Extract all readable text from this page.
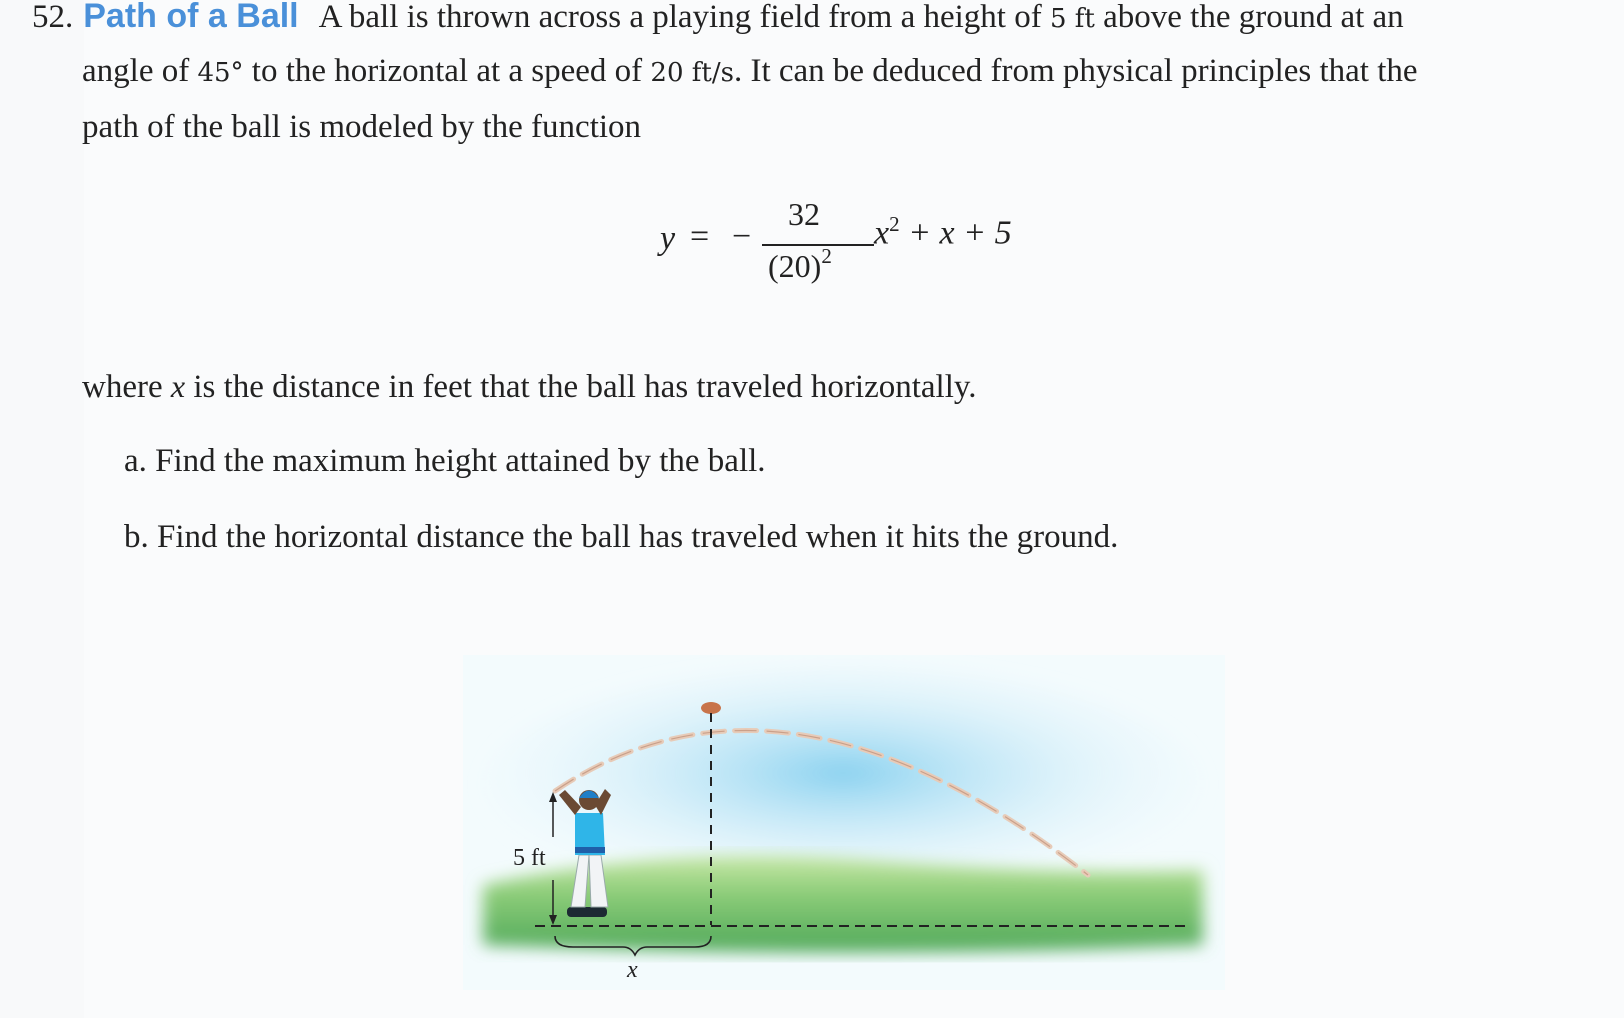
52. Path of a Ball A ball is thrown across a playing field from a height of 5 ft above the ground at an
angle of 45° to the horizontal at a speed of 20 ft/s. It can be deduced from physical principles that the
path of the ball is modeled by the function
where x is the distance in feet that the ball has traveled horizontally.
y = −
32
$(20)^2$
$x^2 + x + 5$
a. Find the maximum height attained by the ball.
b. Find the horizontal distance the ball has traveled when it hits the ground.
5 ft
x
